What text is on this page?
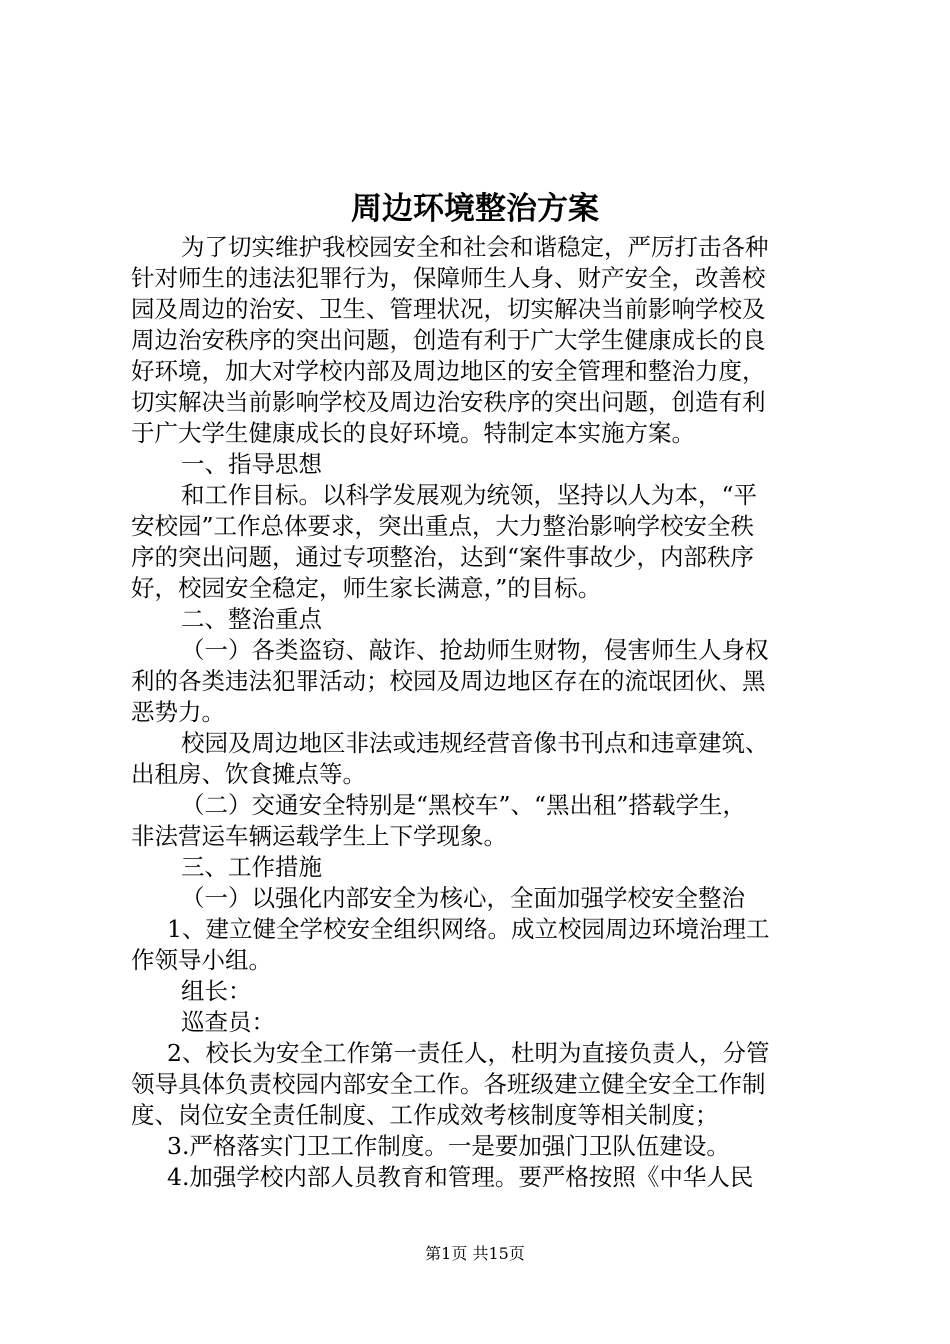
周边环境整治方案

为了切实维护我校园安全和社会和谐稳定，严厉打击各种

针对师生的违法犯罪行为，保障师生人身、财产安全，改善校

园及周边的治安、卫生、管理状况，切实解决当前影响学校及

周边治安秩序的突出问题，创造有利于广大学生健康成长的良

好环境，加大对学校内部及周边地区的安全管理和整治力度，

切实解决当前影响学校及周边治安秩序的突出问题，创造有利

于广大学生健康成长的良好环境。特制定本实施方案。

一、指导思想

和工作目标。以科学发展观为统领，坚持以人为本，“平

安校园”工作总体要求，突出重点，大力整治影响学校安全秩

序的突出问题，通过专项整治，达到“案件事故少，内部秩序

好，校园安全稳定，师生家长满意，”的目标。

二、整治重点

（一）各类盗窃、敲诈、抢劫师生财物，侵害师生人身权

利的各类违法犯罪活动；校园及周边地区存在的流氓团伙、黑

恶势力。

校园及周边地区非法或违规经营音像书刊点和违章建筑、

出租房、饮食摊点等。

（二）交通安全特别是“黑校车”、“黑出租”搭载学生，

非法营运车辆运载学生上下学现象。

三、工作措施

（一）以强化内部安全为核心，全面加强学校安全整治

1、建立健全学校安全组织网络。成立校园周边环境治理工

作领导小组。

组长：

巡查员：

2、校长为安全工作第一责任人，杜明为直接负责人，分管

领导具体负责校园内部安全工作。各班级建立健全安全工作制

度、岗位安全责任制度、工作成效考核制度等相关制度；

3.严格落实门卫工作制度。一是要加强门卫队伍建设。

4.加强学校内部人员教育和管理。要严格按照《中华人民

第1页 共15页
